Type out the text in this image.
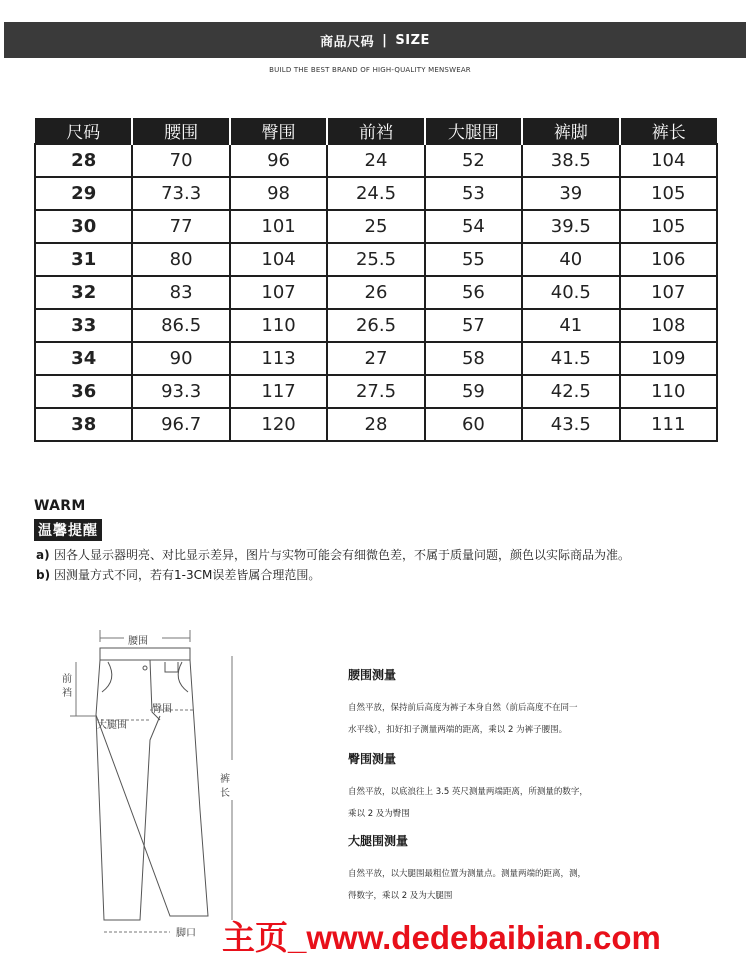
商品尺码 | SIZE
BUILD THE BEST BRAND OF HIGH-QUALITY MENSWEAR
尺码	腰围	臀围	前裆	大腿围	裤脚	裤长
28	70	96	24	52	38.5	104
29	73.3	98	24.5	53	39	105
30	77	101	25	54	39.5	105
31	80	104	25.5	55	40	106
32	83	107	26	56	40.5	107
33	86.5	110	26.5	57	41	108
34	90	113	27	58	41.5	109
36	93.3	117	27.5	59	42.5	110
38	96.7	120	28	60	43.5	111
WARM
温馨提醒
a) 因各人显示器明亮、对比显示差异，图片与实物可能会有细微色差，不属于质量问题，颜色以实际商品为准。
b) 因测量方式不同，若有1-3CM误差皆属合理范围。
腰围
前
裆
臀围
大腿围
裤
长
脚口
腰围测量

自然平放，保持前后高度为裤子本身自然（前后高度不在同一

水平线），扣好扣子测量两端的距离，乘以 2 为裤子腰围。

臀围测量

自然平放，以底浪往上 3.5 英尺测量两端距离，所测量的数字，

乘以 2 及为臀围

大腿围测量

自然平放，以大腿围最粗位置为测量点。测量两端的距离，测，

得数字，乘以 2 及为大腿围

主页_www.dedebaibian.com
